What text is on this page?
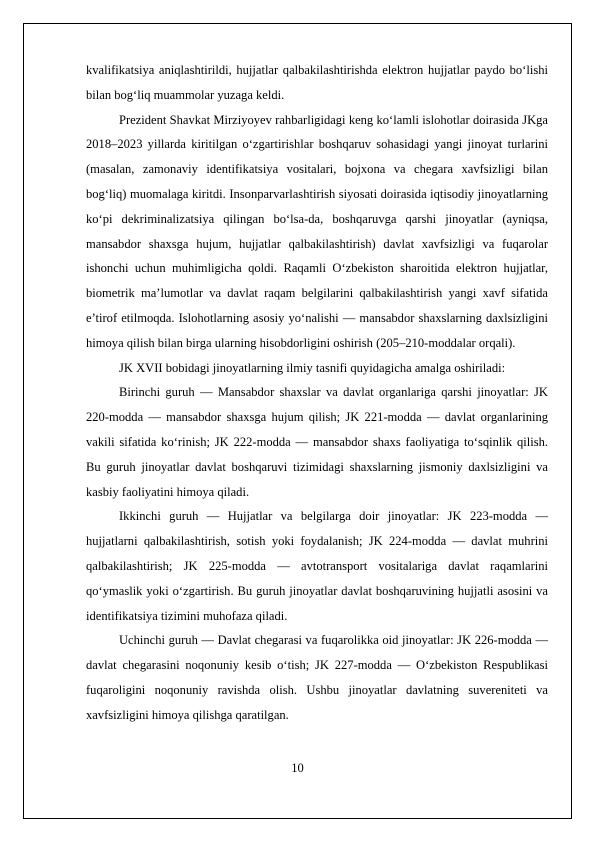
kvalifikatsiya aniqlashtirildi, hujjatlar qalbakilashtirishda elektron hujjatlar paydo bo‘lishi bilan bog‘liq muammolar yuzaga keldi.

Prezident Shavkat Mirziyoyev rahbarligidagi keng ko‘lamli islohotlar doirasida JKga 2018–2023 yillarda kiritilgan o‘zgartirishlar boshqaruv sohasidagi yangi jinoyat turlarini (masalan, zamonaviy identifikatsiya vositalari, bojxona va chegara xavfsizligi bilan bog‘liq) muomalaga kiritdi. Insonparvarlashtirish siyosati doirasida iqtisodiy jinoyatlarning ko‘pi dekriminalizatsiya qilingan bo‘lsa-da, boshqaruvga qarshi jinoyatlar (ayniqsa, mansabdor shaxsga hujum, hujjatlar qalbakilashtirish) davlat xavfsizligi va fuqarolar ishonchi uchun muhimligicha qoldi. Raqamli O‘zbekiston sharoitida elektron hujjatlar, biometrik ma’lumotlar va davlat raqam belgilarini qalbakilashtirish yangi xavf sifatida e’tirof etilmoqda. Islohotlarning asosiy yo‘nalishi — mansabdor shaxslarning daxlsizligini himoya qilish bilan birga ularning hisobdorligini oshirish (205–210-moddalar orqali).

JK XVII bobidagi jinoyatlarning ilmiy tasnifi quyidagicha amalga oshiriladi:

Birinchi guruh — Mansabdor shaxslar va davlat organlariga qarshi jinoyatlar: JK 220-modda — mansabdor shaxsga hujum qilish; JK 221-modda — davlat organlarining vakili sifatida ko‘rinish; JK 222-modda — mansabdor shaxs faoliyatiga to‘sqinlik qilish. Bu guruh jinoyatlar davlat boshqaruvi tizimidagi shaxslarning jismoniy daxlsizligini va kasbiy faoliyatini himoya qiladi.

Ikkinchi guruh — Hujjatlar va belgilarga doir jinoyatlar: JK 223-modda — hujjatlarni qalbakilashtirish, sotish yoki foydalanish; JK 224-modda — davlat muhrini qalbakilashtirish; JK 225-modda — avtotransport vositalariga davlat raqamlarini qo‘ymaslik yoki o‘zgartirish. Bu guruh jinoyatlar davlat boshqaruvining hujjatli asosini va identifikatsiya tizimini muhofaza qiladi.

Uchinchi guruh — Davlat chegarasi va fuqarolikka oid jinoyatlar: JK 226-modda — davlat chegarasini noqonuniy kesib o‘tish; JK 227-modda — O‘zbekiston Respublikasi fuqaroligini noqonuniy ravishda olish. Ushbu jinoyatlar davlatning suvereniteti va xavfsizligini himoya qilishga qaratilgan.

10
